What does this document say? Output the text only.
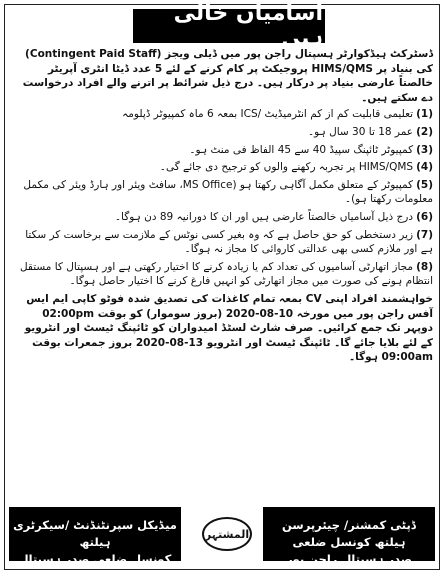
آسامیاں خالی ہیں

ڈسٹرکٹ ہیڈکوارٹر ہسپتال راجن پور میں ڈیلی ویجز (Contingent Paid Staff) کی بنیاد پر HIMS/QMS پروجیکٹ پر کام کرنے کے لئے 5 عدد ڈیٹا انٹری آپریٹر خالصتاً عارضی بنیاد پر درکار ہیں۔ درج ذیل شرائط پر اترنے والے افراد درخواست دے سکتے ہیں۔

(1)تعلیمی قابلیت کم از کم انٹرمیڈیٹ /ICS بمعہ 6 ماہ کمپیوٹر ڈپلومہ
(2)عمر 18 تا 30 سال ہو۔
(3)کمپیوٹر ٹائپنگ سپیڈ 40 سے 45 الفاظ فی منٹ ہو۔
(4)HIMS/QMS پر تجربہ رکھنے والوں کو ترجیح دی جائے گی۔
(5)کمپیوٹر کے متعلق مکمل آگاہی رکھتا ہو (MS Office، سافٹ ویئر اور ہارڈ ویئر کی مکمل معلومات رکھتا ہو)۔
(6)درج ذیل آسامیاں خالصتاً عارضی ہیں اور ان کا دورانیہ 89 دن ہوگا۔
(7)زیر دستخطی کو حق حاصل ہے کہ وہ بغیر کسی نوٹس کے ملازمت سے برخاست کر سکتا ہے اور ملازم کسی بھی عدالتی کاروائی کا مجاز نہ ہوگا۔
(8)مجاز اتھارٹی آسامیوں کی تعداد کم یا زیادہ کرنے کا اختیار رکھتی ہے اور ہسپتال کا مستقل انتظام ہونے کی صورت میں مجاز اتھارٹی کو انہیں فارغ کرنے کا اختیار حاصل ہوگا۔

خواہشمند افراد اپنی CV بمعہ تمام کاغذات کی تصدیق شدہ فوٹو کاپی ایم ایس آفس راجن پور میں مورخہ 10-08-2020 (بروز سوموار) کو بوقت 02:00pm دوپہر تک جمع کرائیں۔ صرف شارٹ لسٹڈ امیدواران کو ٹائپنگ ٹیسٹ اور انٹرویو کے لئے بلایا جائے گا۔ ٹائپنگ ٹیسٹ اور انٹرویو 13-08-2020 بروز جمعرات بوقت 09:00am ہوگا۔

میڈیکل سپرنٹنڈنٹ /سیکرٹری ہیلتھ
کونسل ضلعی صدر ہسپتال راجن پور
المشتہر
ڈپٹی کمشنر/ چیئرپرسن ہیلتھ کونسل ضلعی
صدر ہسپتال راجن پور
